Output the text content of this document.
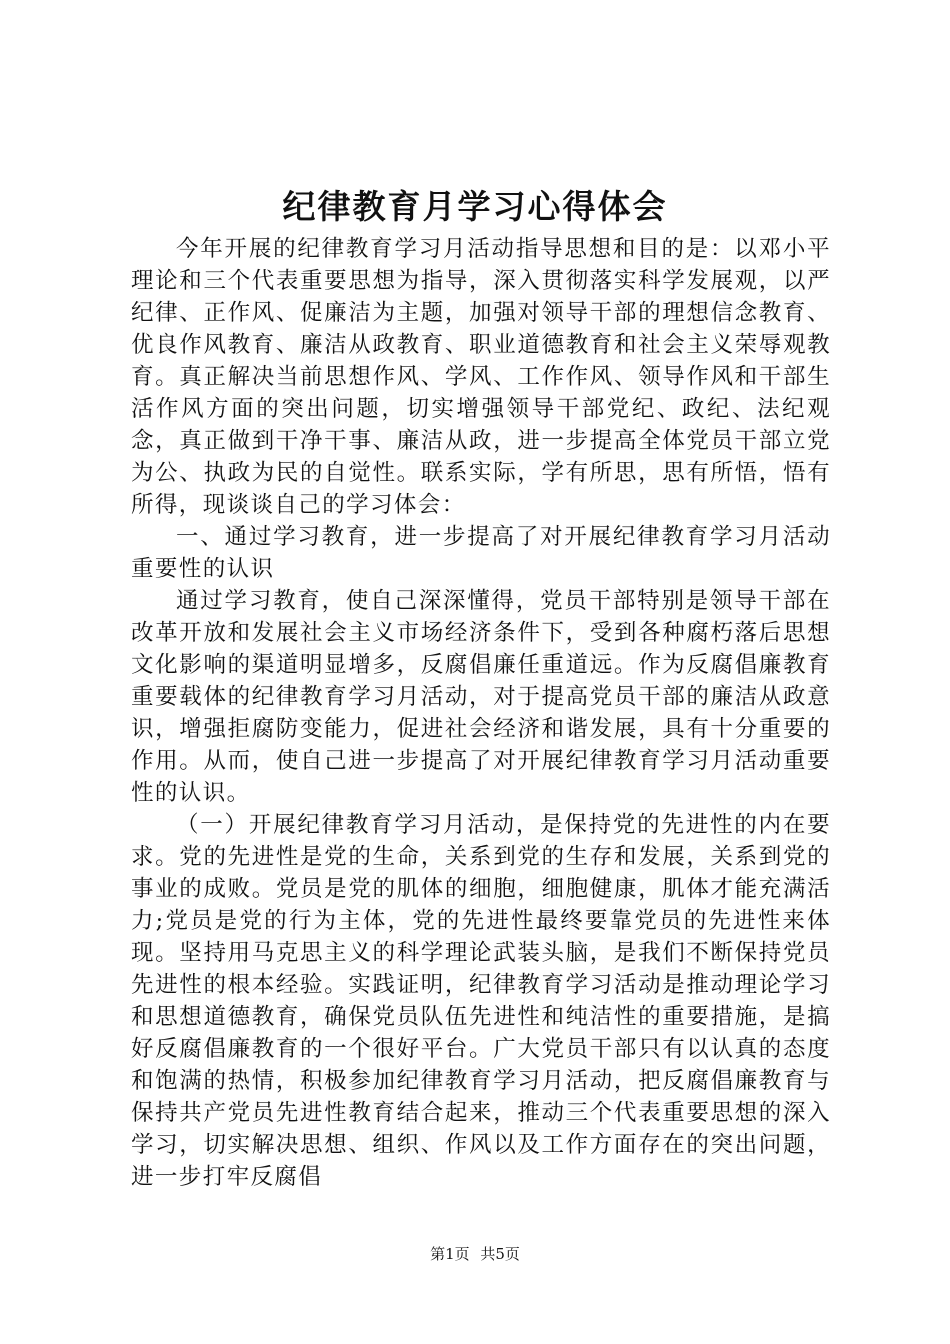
纪律教育月学习心得体会

今年开展的纪律教育学习月活动指导思想和目的是：以邓小平理论和三个代表重要思想为指导，深入贯彻落实科学发展观，以严纪律、正作风、促廉洁为主题，加强对领导干部的理想信念教育、优良作风教育、廉洁从政教育、职业道德教育和社会主义荣辱观教育。真正解决当前思想作风、学风、工作作风、领导作风和干部生活作风方面的突出问题，切实增强领导干部党纪、政纪、法纪观念，真正做到干净干事、廉洁从政，进一步提高全体党员干部立党为公、执政为民的自觉性。联系实际，学有所思，思有所悟，悟有所得，现谈谈自己的学习体会：

一、通过学习教育，进一步提高了对开展纪律教育学习月活动重要性的认识

通过学习教育，使自己深深懂得，党员干部特别是领导干部在改革开放和发展社会主义市场经济条件下，受到各种腐朽落后思想文化影响的渠道明显增多，反腐倡廉任重道远。作为反腐倡廉教育重要载体的纪律教育学习月活动，对于提高党员干部的廉洁从政意识，增强拒腐防变能力，促进社会经济和谐发展，具有十分重要的作用。从而，使自己进一步提高了对开展纪律教育学习月活动重要性的认识。

（一）开展纪律教育学习月活动，是保持党的先进性的内在要求。党的先进性是党的生命，关系到党的生存和发展，关系到党的事业的成败。党员是党的肌体的细胞，细胞健康，肌体才能充满活力;党员是党的行为主体，党的先进性最终要靠党员的先进性来体现。坚持用马克思主义的科学理论武装头脑，是我们不断保持党员先进性的根本经验。实践证明，纪律教育学习活动是推动理论学习和思想道德教育，确保党员队伍先进性和纯洁性的重要措施，是搞好反腐倡廉教育的一个很好平台。广大党员干部只有以认真的态度和饱满的热情，积极参加纪律教育学习月活动，把反腐倡廉教育与保持共产党员先进性教育结合起来，推动三个代表重要思想的深入学习，切实解决思想、组织、作风以及工作方面存在的突出问题，进一步打牢反腐倡

第1页 共5页
